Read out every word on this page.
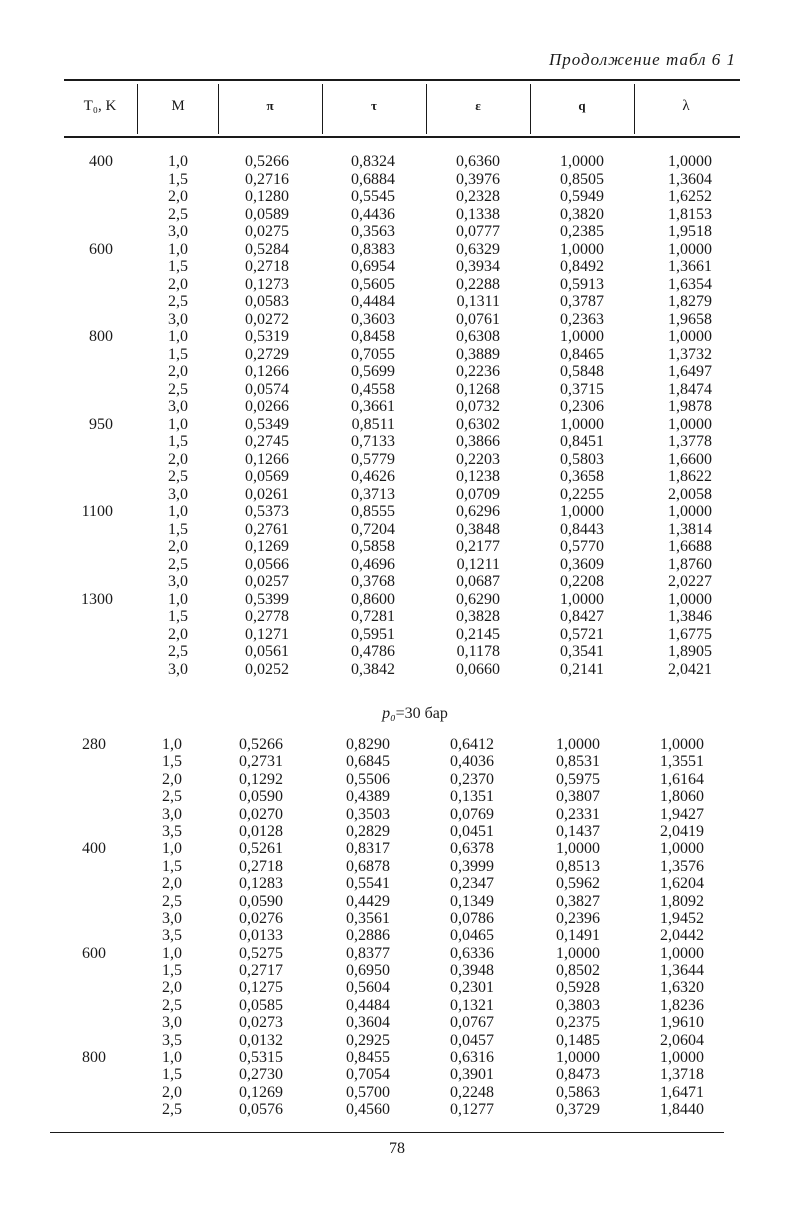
Продолжение табл 6 1
T₀, K	M	π	τ	ε	q	λ
400	1,0	0,5266	0,8324	0,6360	1,0000	1,0000
1,5	0,2716	0,6884	0,3976	0,8505	1,3604
2,0	0,1280	0,5545	0,2328	0,5949	1,6252
2,5	0,0589	0,4436	0,1338	0,3820	1,8153
3,0	0,0275	0,3563	0,0777	0,2385	1,9518
600	1,0	0,5284	0,8383	0,6329	1,0000	1,0000
1,5	0,2718	0,6954	0,3934	0,8492	1,3661
2,0	0,1273	0,5605	0,2288	0,5913	1,6354
2,5	0,0583	0,4484	0,1311	0,3787	1,8279
3,0	0,0272	0,3603	0,0761	0,2363	1,9658
800	1,0	0,5319	0,8458	0,6308	1,0000	1,0000
1,5	0,2729	0,7055	0,3889	0,8465	1,3732
2,0	0,1266	0,5699	0,2236	0,5848	1,6497
2,5	0,0574	0,4558	0,1268	0,3715	1,8474
3,0	0,0266	0,3661	0,0732	0,2306	1,9878
950	1,0	0,5349	0,8511	0,6302	1,0000	1,0000
1,5	0,2745	0,7133	0,3866	0,8451	1,3778
2,0	0,1266	0,5779	0,2203	0,5803	1,6600
2,5	0,0569	0,4626	0,1238	0,3658	1,8622
3,0	0,0261	0,3713	0,0709	0,2255	2,0058
1100	1,0	0,5373	0,8555	0,6296	1,0000	1,0000
1,5	0,2761	0,7204	0,3848	0,8443	1,3814
2,0	0,1269	0,5858	0,2177	0,5770	1,6688
2,5	0,0566	0,4696	0,1211	0,3609	1,8760
3,0	0,0257	0,3768	0,0687	0,2208	2,0227
1300	1,0	0,5399	0,8600	0,6290	1,0000	1,0000
1,5	0,2778	0,7281	0,3828	0,8427	1,3846
2,0	0,1271	0,5951	0,2145	0,5721	1,6775
2,5	0,0561	0,4786	0,1178	0,3541	1,8905
3,0	0,0252	0,3842	0,0660	0,2141	2,0421
p₀=30 бар
280	1,0	0,5266	0,8290	0,6412	1,0000	1,0000
1,5	0,2731	0,6845	0,4036	0,8531	1,3551
2,0	0,1292	0,5506	0,2370	0,5975	1,6164
2,5	0,0590	0,4389	0,1351	0,3807	1,8060
3,0	0,0270	0,3503	0,0769	0,2331	1,9427
3,5	0,0128	0,2829	0,0451	0,1437	2,0419
400	1,0	0,5261	0,8317	0,6378	1,0000	1,0000
1,5	0,2718	0,6878	0,3999	0,8513	1,3576
2,0	0,1283	0,5541	0,2347	0,5962	1,6204
2,5	0,0590	0,4429	0,1349	0,3827	1,8092
3,0	0,0276	0,3561	0,0786	0,2396	1,9452
3,5	0,0133	0,2886	0,0465	0,1491	2,0442
600	1,0	0,5275	0,8377	0,6336	1,0000	1,0000
1,5	0,2717	0,6950	0,3948	0,8502	1,3644
2,0	0,1275	0,5604	0,2301	0,5928	1,6320
2,5	0,0585	0,4484	0,1321	0,3803	1,8236
3,0	0,0273	0,3604	0,0767	0,2375	1,9610
3,5	0,0132	0,2925	0,0457	0,1485	2,0604
800	1,0	0,5315	0,8455	0,6316	1,0000	1,0000
1,5	0,2730	0,7054	0,3901	0,8473	1,3718
2,0	0,1269	0,5700	0,2248	0,5863	1,6471
2,5	0,0576	0,4560	0,1277	0,3729	1,8440
78
